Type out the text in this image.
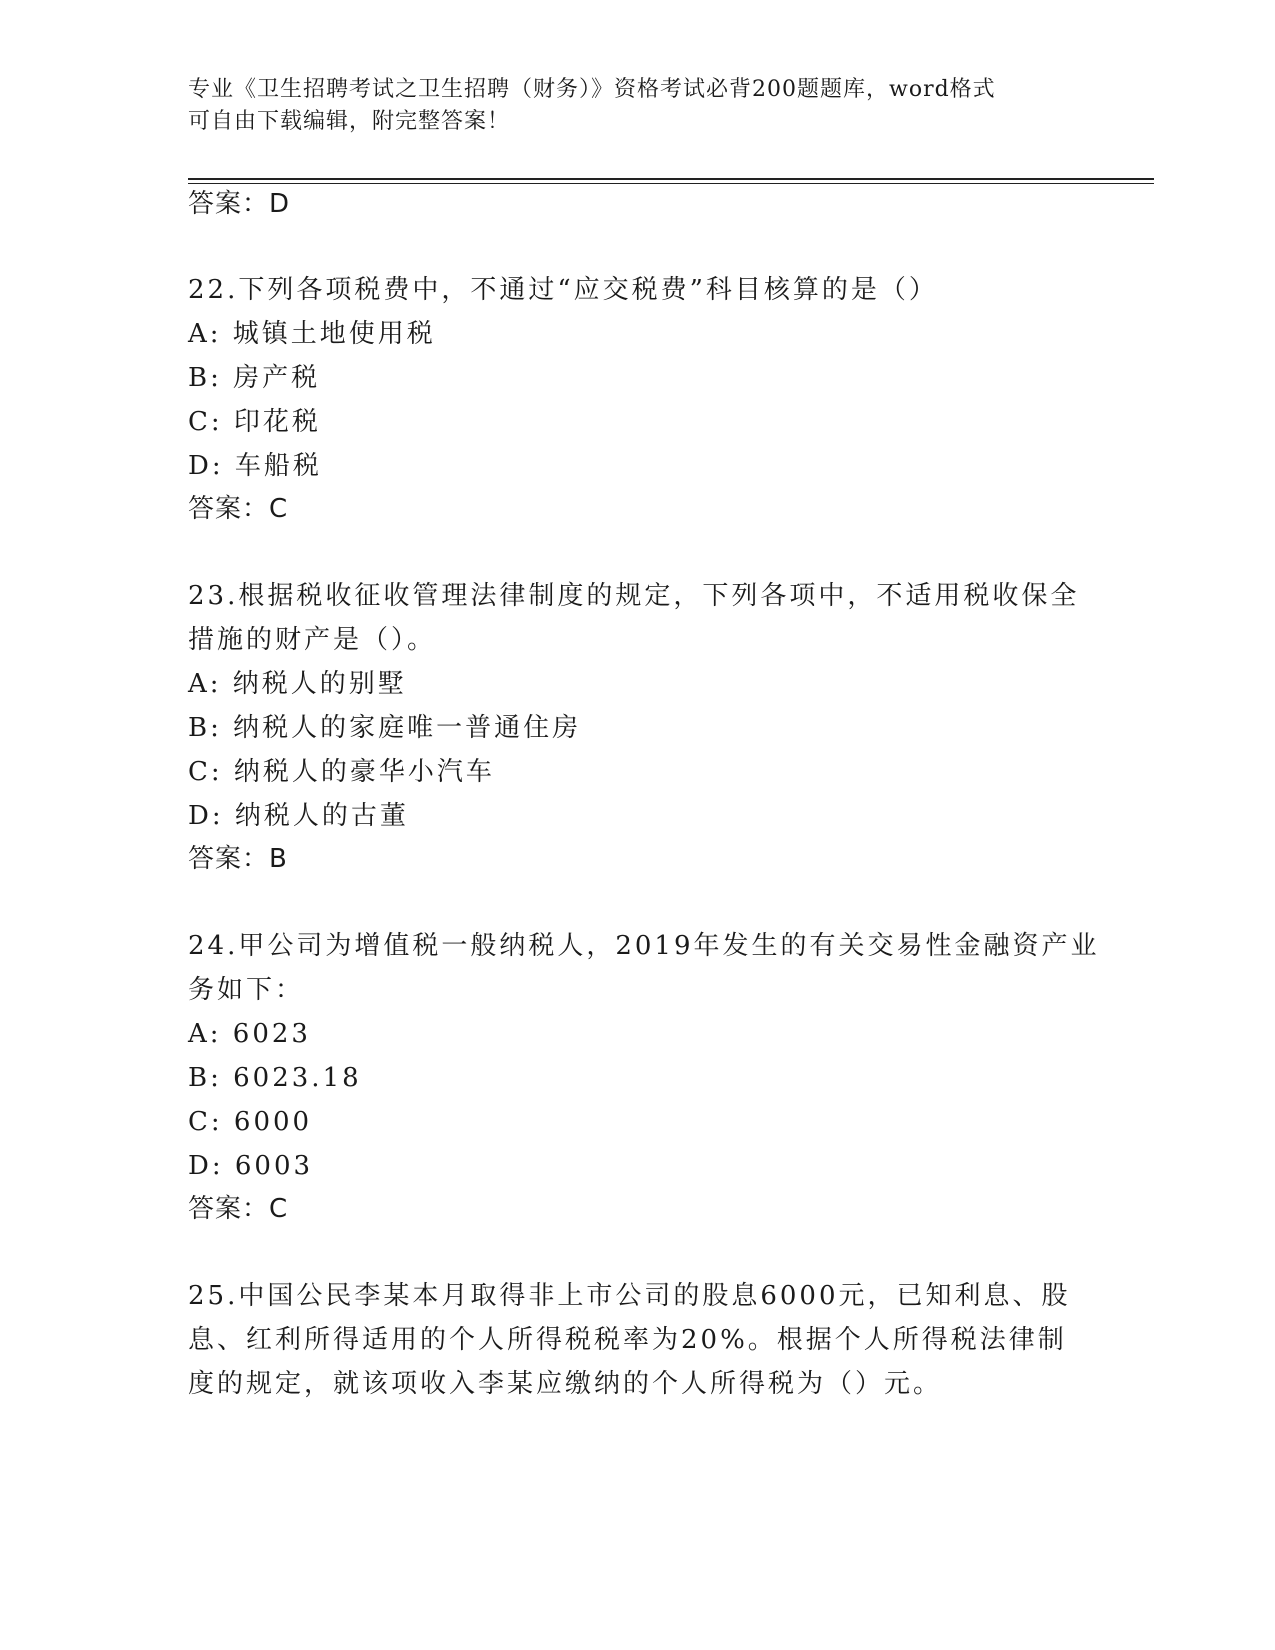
专业《卫生招聘考试之卫生招聘（财务）》资格考试必背200题题库，word格式
可自由下载编辑，附完整答案！
答案：D
22.下列各项税费中，不通过“应交税费”科目核算的是（）
A: 城镇土地使用税
B: 房产税
C: 印花税
D: 车船税
答案：C
23.根据税收征收管理法律制度的规定，下列各项中，不适用税收保全
措施的财产是（）。
A: 纳税人的别墅
B: 纳税人的家庭唯一普通住房
C: 纳税人的豪华小汽车
D: 纳税人的古董
答案：B
24.甲公司为增值税一般纳税人，2019年发生的有关交易性金融资产业
务如下：
A: 6023
B: 6023.18
C: 6000
D: 6003
答案：C
25.中国公民李某本月取得非上市公司的股息6000元，已知利息、股
息、红利所得适用的个人所得税税率为20%。根据个人所得税法律制
度的规定，就该项收入李某应缴纳的个人所得税为（）元。
